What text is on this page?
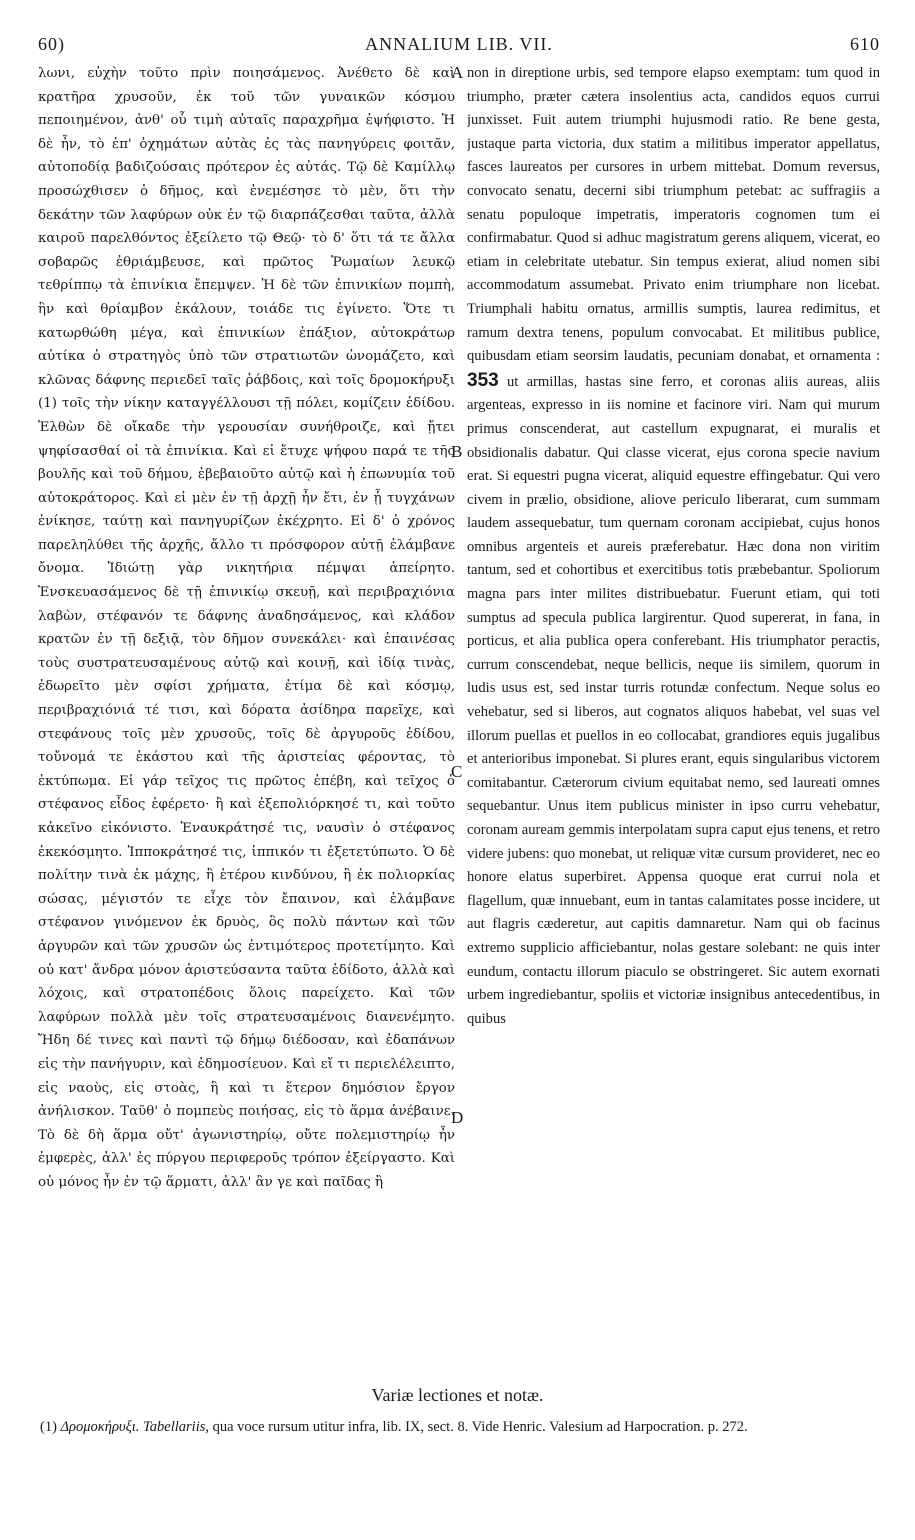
60)	ANNALIUM LIB. VII.	610

λωνι, εὐχὴν τοῦτο πρὶν ποιησάμενος. Ἀνέθετο δὲ καὶ κρατῆρα χρυσοῦν, ἐκ τοῦ τῶν γυναικῶν κόσμου πεποιημένον, ἀνθ' οὗ τιμὴ αὐταῖς παραχρῆμα ἐψήφιστο. Ἡ δὲ ἦν, τὸ ἐπ' ὀχημάτων αὐτὰς ἐς τὰς πανηγύρεις φοιτᾶν, αὐτοποδίᾳ βαδιζούσαις πρότερον ἐς αὐτάς. Τῷ δὲ Καμίλλῳ προσώχθισεν ὁ δῆμος, καὶ ἐνεμέσησε τὸ μὲν, ὅτι τὴν δεκάτην τῶν λαφύρων οὐκ ἐν τῷ διαρπάζεσθαι ταῦτα, ἀλλὰ καιροῦ παρελθόντος ἐξείλετο τῷ Θεῷ· τὸ δ' ὅτι τά τε ἄλλα σοβαρῶς ἐθριάμβευσε, καὶ πρῶτος Ῥωμαίων λευκῷ τεθρίππῳ τὰ ἐπινίκια ἔπεμψεν. Ἡ δὲ τῶν ἐπινικίων πομπὴ, ἣν καὶ θρίαμβον ἐκάλουν, τοιάδε τις ἐγίνετο. Ὅτε τι κατωρθώθη μέγα, καὶ ἐπινικίων ἐπάξιον, αὐτοκράτωρ αὐτίκα ὁ στρατηγὸς ὑπὸ τῶν στρατιωτῶν ὠνομάζετο, καὶ κλῶνας δάφνης περιεδεῖ ταῖς ῥάβδοις, καὶ τοῖς δρομοκήρυξι (1) τοῖς τὴν νίκην καταγγέλλουσι τῇ πόλει, κομίζειν ἐδίδου. Ἐλθὼν δὲ οἴκαδε τὴν γερουσίαν συνήθροιζε, καὶ ᾔτει ψηφίσασθαί οἱ τὰ ἐπινίκια. Καὶ εἰ ἔτυχε ψήφου παρά τε τῆς βουλῆς καὶ τοῦ δήμου, ἐβεβαιοῦτο αὐτῷ καὶ ἡ ἐπωνυμία τοῦ αὐτοκράτορος. Καὶ εἰ μὲν ἐν τῇ ἀρχῇ ἦν ἔτι, ἐν ᾗ τυγχάνων ἐνίκησε, ταύτῃ καὶ πανηγυρίζων ἐκέχρητο. Εἰ δ' ὁ χρόνος παρεληλύθει τῆς ἀρχῆς, ἄλλο τι πρόσφορον αὐτῇ ἐλάμβανε ὄνομα. Ἰδιώτῃ γὰρ νικητήρια πέμψαι ἀπείρητο. Ἐνσκευασάμενος δὲ τῇ ἐπινικίῳ σκευῇ, καὶ περιβραχιόνια λαβὼν, στέφανόν τε δάφνης ἀναδησάμενος, καὶ κλάδον κρατῶν ἐν τῇ δεξιᾷ, τὸν δῆμον συνεκάλει· καὶ ἐπαινέσας τοὺς συστρατευσαμένους αὐτῷ καὶ κοινῇ, καὶ ἰδίᾳ τινὰς, ἐδωρεῖτο μὲν σφίσι χρήματα, ἐτίμα δὲ καὶ κόσμῳ, περιβραχιόνιά τέ τισι, καὶ δόρατα ἀσίδηρα παρεῖχε, καὶ στεφάνους τοῖς μὲν χρυσοῦς, τοῖς δὲ ἀργυροῦς ἐδίδου, τοὔνομά τε ἑκάστου καὶ τῆς ἀριστείας φέροντας, τὸ ἐκτύπωμα. Εἰ γάρ τεῖχος τις πρῶτος ἐπέβη, καὶ τεῖχος ὁ στέφανος εἶδος ἐφέρετο· ἢ καὶ ἐξεπολιόρκησέ τι, καὶ τοῦτο κἀκεῖνο εἰκόνιστο. Ἐναυκράτησέ τις, ναυσὶν ὁ στέφανος ἐκεκόσμητο. Ἱπποκράτησέ τις, ἱππικόν τι ἐξετετύπωτο. Ὁ δὲ πολίτην τινὰ ἐκ μάχης, ἢ ἑτέρου κινδύνου, ἢ ἐκ πολιορκίας σώσας, μέγιστόν τε εἶχε τὸν ἔπαινον, καὶ ἐλάμβανε στέφανον γινόμενον ἐκ δρυὸς, ὃς πολὺ πάντων καὶ τῶν ἀργυρῶν καὶ τῶν χρυσῶν ὡς ἐντιμότερος προτετίμητο. Καὶ οὐ κατ' ἄνδρα μόνον ἀριστεύσαντα ταῦτα ἐδίδοτο, ἀλλὰ καὶ λόχοις, καὶ στρατοπέδοις ὅλοις παρείχετο. Καὶ τῶν λαφύρων πολλὰ μὲν τοῖς στρατευσαμένοις διανενέμητο. Ἤδη δέ τινες καὶ παντὶ τῷ δήμῳ διέδοσαν, καὶ ἐδαπάνων εἰς τὴν πανήγυριν, καὶ ἐδημοσίευον. Καὶ εἴ τι περιελέλειπτο, εἰς ναοὺς, εἰς στοὰς, ἢ καὶ τι ἕτερον δημόσιον ἔργον ἀνήλισκον. Ταῦθ' ὁ πομπεὺς ποιήσας, εἰς τὸ ἅρμα ἀνέβαινε. Τὸ δὲ δὴ ἅρμα οὔτ' ἀγωνιστηρίῳ, οὔτε πολεμιστηρίῳ ἦν ἐμφερὲς, ἀλλ' ἐς πύργου περιφεροῦς τρόπον ἐξείργαστο. Καὶ οὐ μόνος ἦν ἐν τῷ ἅρματι, ἀλλ' ἂν γε καὶ παῖδας ἢ

A
B
C
D

non in direptione urbis, sed tempore elapso exemptam: tum quod in triumpho, præter cætera insolentius acta, candidos equos currui junxisset. Fuit autem triumphi hujusmodi ratio. Re bene gesta, justaque parta victoria, dux statim a militibus imperator appellatus, fasces laureatos per cursores in urbem mittebat. Domum reversus, convocato senatu, decerni sibi triumphum petebat: ac suffragiis a senatu populoque impetratis, imperatoris cognomen tum ei confirmabatur. Quod si adhuc magistratum gerens aliquem, vicerat, eo etiam in celebritate utebatur. Sin tempus exierat, aliud nomen sibi accommodatum assumebat. Privato enim triumphare non licebat. Triumphali habitu ornatus, armillis sumptis, laurea redimitus, et ramum dextra tenens, populum convocabat. Et militibus publice, quibusdam etiam seorsim laudatis, pecuniam donabat, et ornamenta : 353 ut armillas, hastas sine ferro, et coronas aliis aureas, aliis argenteas, expresso in iis nomine et facinore viri. Nam qui murum primus conscenderat, aut castellum expugnarat, ei muralis et obsidionalis dabatur. Qui classe vicerat, ejus corona specie navium erat. Si equestri pugna vicerat, aliquid equestre effingebatur. Qui vero civem in prælio, obsidione, aliove periculo liberarat, cum summam laudem assequebatur, tum quernam coronam accipiebat, cujus honos omnibus argenteis et aureis præferebatur. Hæc dona non viritim tantum, sed et cohortibus et exercitibus totis præbebantur. Spoliorum magna pars inter milites distribuebatur. Fuerunt etiam, qui toti sumptus ad specula publica largirentur. Quod supererat, in fana, in porticus, et alia publica opera conferebant. His triumphator peractis, currum conscendebat, neque bellicis, neque iis similem, quorum in ludis usus est, sed instar turris rotundæ confectum. Neque solus eo vehebatur, sed si liberos, aut cognatos aliquos habebat, vel suas vel illorum puellas et puellos in eo collocabat, grandiores equis jugalibus et anterioribus imponebat. Si plures erant, equis singularibus victorem comitabantur. Cæterorum civium equitabat nemo, sed laureati omnes sequebantur. Unus item publicus minister in ipso curru vehebatur, coronam auream gemmis interpolatam supra caput ejus tenens, et retro videre jubens: quo monebat, ut reliquæ vitæ cursum provideret, nec eo honore elatus superbiret. Appensa quoque erat currui nola et flagellum, quæ innuebant, eum in tantas calamitates posse incidere, ut aut flagris cæderetur, aut capitis damnaretur. Nam qui ob facinus extremo supplicio afficiebantur, nolas gestare solebant: ne quis inter eundum, contactu illorum piaculo se obstringeret. Sic autem exornati urbem ingrediebantur, spoliis et victoriæ insignibus antecedentibus, in quibus

Variæ lectiones et notæ.
(1) Δρομοκήρυξι. Tabellariis, qua voce rursum utitur infra, lib. IX, sect. 8. Vide Henric. Valesium ad Harpocration. p. 272.
